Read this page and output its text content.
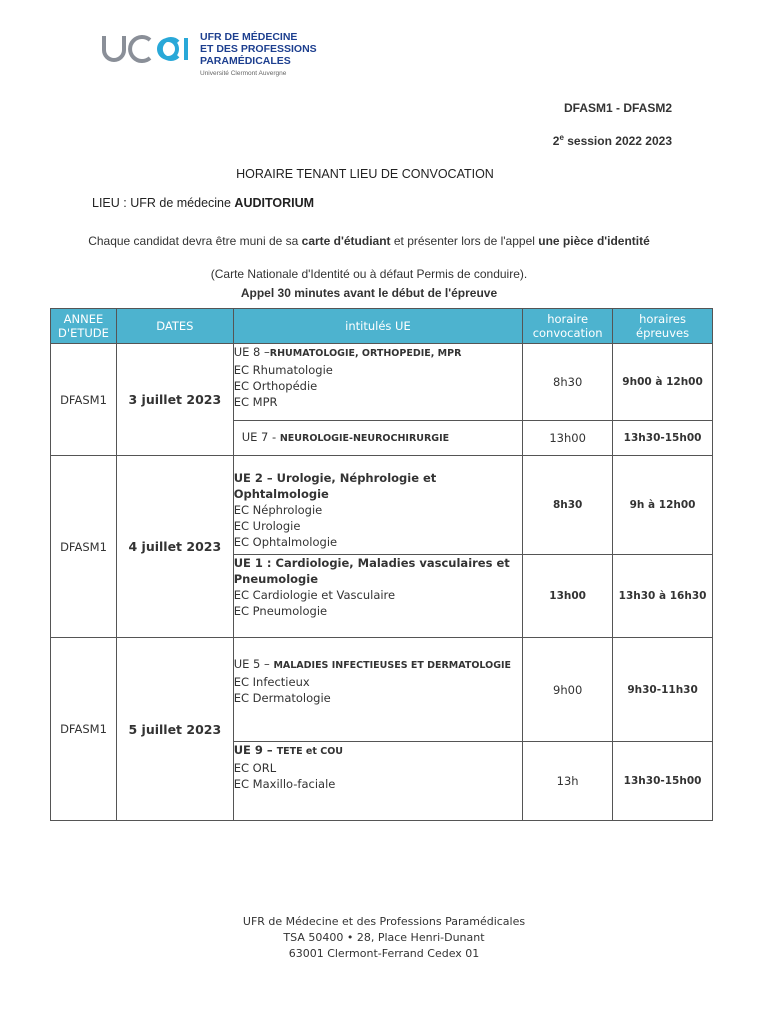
UFR DE MÉDECINE
ET DES PROFESSIONS PARAMÉDICALES
Université Clermont Auvergne
DFASM1 - DFASM2
2e session 2022 2023
HORAIRE TENANT LIEU DE CONVOCATION
LIEU : UFR de médecine AUDITORIUM
Chaque candidat devra être muni de sa carte d'étudiant et présenter lors de l'appel une pièce d'identité
(Carte Nationale d'Identité ou à défaut Permis de conduire).
Appel 30 minutes avant le début de l'épreuve
ANNEE D'ETUDE	DATES	intitulés UE	horaire convocation	horaires épreuves
DFASM1	3 juillet 2023	UE 8 –RHUMATOLOGIE, ORTHOPEDIE, MPR
EC Rhumatologie
EC Orthopédie
EC MPR	8h30	9h00 à 12h00

		UE 7 - NEUROLOGIE-NEUROCHIRURGIE	13h00	13h30-15h00
DFASM1	4 juillet 2023	UE 2 – Urologie, Néphrologie et Ophtalmologie
EC Néphrologie
EC Urologie
EC Ophtalmologie	8h30	9h à 12h00

		UE 1 : Cardiologie, Maladies vasculaires et Pneumologie
EC Cardiologie et Vasculaire
EC Pneumologie	13h00	13h30 à 16h30
DFASM1	5 juillet 2023	UE 5 – MALADIES INFECTIEUSES ET DERMATOLOGIE
EC Infectieux
EC Dermatologie	9h00	9h30-11h30

		UE 9 – TETE et COU
EC ORL
EC Maxillo-faciale	13h	13h30-15h00
UFR de Médecine et des Professions Paramédicales
TSA 50400 • 28, Place Henri-Dunant
63001 Clermont-Ferrand Cedex 01
